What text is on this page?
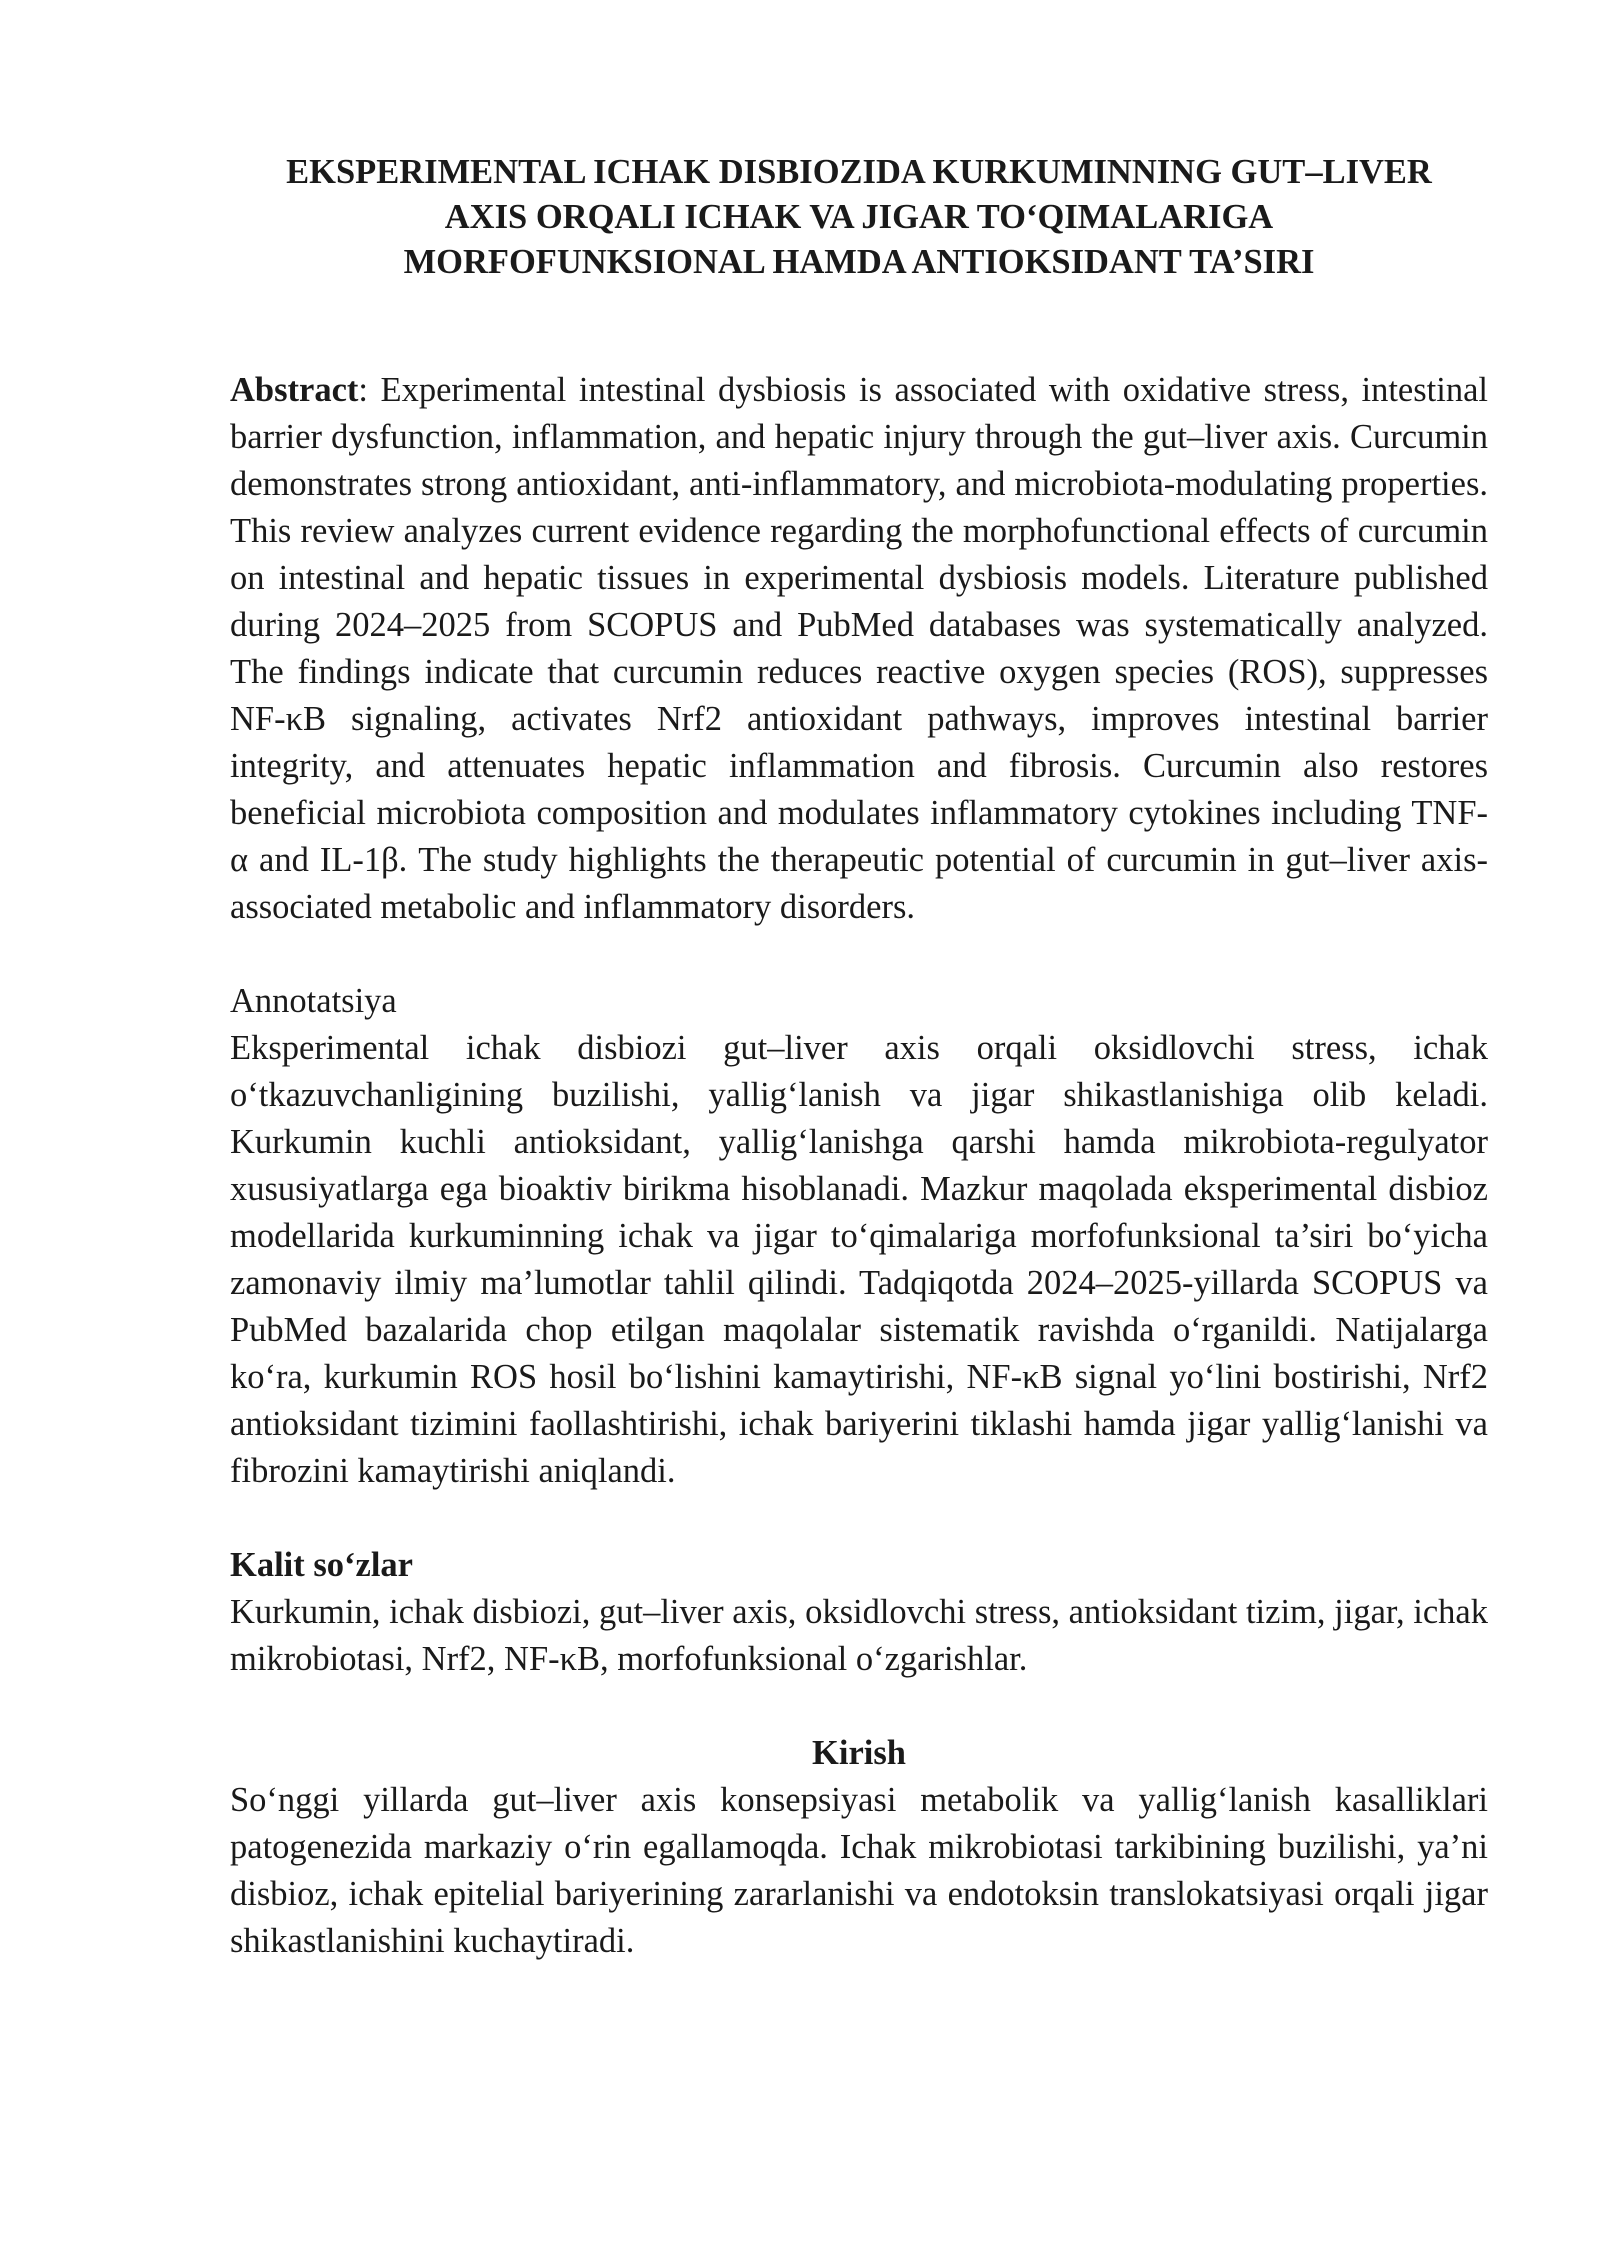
EKSPERIMENTAL ICHAK DISBIOZIDA KURKUMINNING GUT–LIVER
AXIS ORQALI ICHAK VA JIGAR TO‘QIMALARIGA
MORFOFUNKSIONAL HAMDA ANTIOKSIDANT TA’SIRI

Abstract: Experimental intestinal dysbiosis is associated with oxidative stress, intestinal barrier dysfunction, inflammation, and hepatic injury through the gut–liver axis. Curcumin demonstrates strong antioxidant, anti-inflammatory, and microbiota-modulating properties. This review analyzes current evidence regarding the morphofunctional effects of curcumin on intestinal and hepatic tissues in experimental dysbiosis models. Literature published during 2024–2025 from SCOPUS and PubMed databases was systematically analyzed. The findings indicate that curcumin reduces reactive oxygen species (ROS), suppresses NF-κB signaling, activates Nrf2 antioxidant pathways, improves intestinal barrier integrity, and attenuates hepatic inflammation and fibrosis. Curcumin also restores beneficial microbiota composition and modulates inflammatory cytokines including TNF-α and IL-1β. The study highlights the therapeutic potential of curcumin in gut–liver axis-associated metabolic and inflammatory disorders.

Annotatsiya

Eksperimental ichak disbiozi gut–liver axis orqali oksidlovchi stress, ichak o‘tkazuvchanligining buzilishi, yallig‘lanish va jigar shikastlanishiga olib keladi. Kurkumin kuchli antioksidant, yallig‘lanishga qarshi hamda mikrobiota-regulyator xususiyatlarga ega bioaktiv birikma hisoblanadi. Mazkur maqolada eksperimental disbioz modellarida kurkuminning ichak va jigar to‘qimalariga morfofunksional ta’siri bo‘yicha zamonaviy ilmiy ma’lumotlar tahlil qilindi. Tadqiqotda 2024–2025-yillarda SCOPUS va PubMed bazalarida chop etilgan maqolalar sistematik ravishda o‘rganildi. Natijalarga ko‘ra, kurkumin ROS hosil bo‘lishini kamaytirishi, NF-κB signal yo‘lini bostirishi, Nrf2 antioksidant tizimini faollashtirishi, ichak bariyerini tiklashi hamda jigar yallig‘lanishi va fibrozini kamaytirishi aniqlandi.

Kalit so‘zlar

Kurkumin, ichak disbiozi, gut–liver axis, oksidlovchi stress, antioksidant tizim, jigar, ichak mikrobiotasi, Nrf2, NF-κB, morfofunksional o‘zgarishlar.

Kirish

So‘nggi yillarda gut–liver axis konsepsiyasi metabolik va yallig‘lanish kasalliklari patogenezida markaziy o‘rin egallamoqda. Ichak mikrobiotasi tarkibining buzilishi, ya’ni disbioz, ichak epitelial bariyerining zararlanishi va endotoksin translokatsiyasi orqali jigar shikastlanishini kuchaytiradi.
